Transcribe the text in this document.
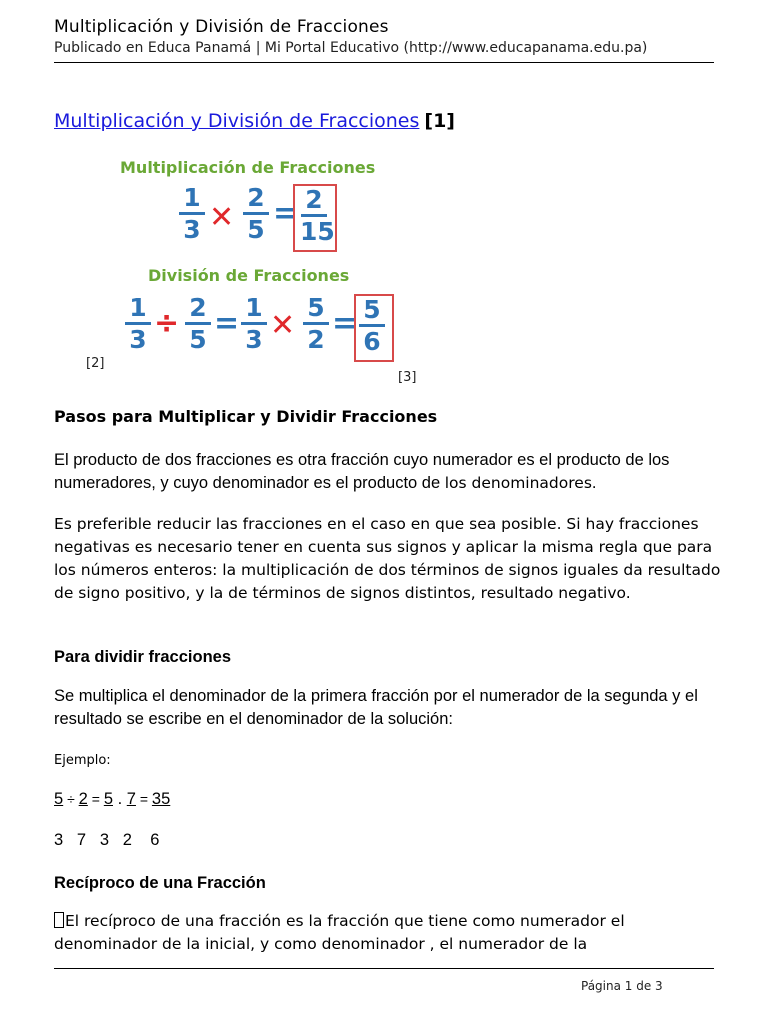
Multiplicación y División de Fracciones
Publicado en Educa Panamá | Mi Portal Educativo (http://www.educapanama.edu.pa)
Multiplicación y División de Fracciones [1]
Multiplicación de Fracciones
1
3 ✕
2
5 = 2
15
División de Fracciones
1
3 ÷ 2
5 = 1
3 ✕
5
2 = 5
6
[2]
[3]
Pasos para Multiplicar y Dividir Fracciones
El producto de dos fracciones es otra fracción cuyo numerador es el producto de los numeradores, y cuyo denominador es el producto de los denominadores.
Es preferible reducir las fracciones en el caso en que sea posible. Si hay fracciones negativas es necesario tener en cuenta sus signos y aplicar la misma regla que para los números enteros: la multiplicación de dos términos de signos iguales da resultado de signo positivo, y la de términos de signos distintos, resultado negativo.
Para dividir fracciones
Se multiplica el denominador de la primera fracción por el numerador de la segunda y el resultado se escribe en el denominador de la solución:
Ejemplo:
5 ÷ 2 = 5 . 7 = 35
3   7   3   2    6
Recíproco de una Fracción
El recíproco de una fracción es la fracción que tiene como numerador el denominador de la inicial, y como denominador , el numerador de la
Página 1 de 3
